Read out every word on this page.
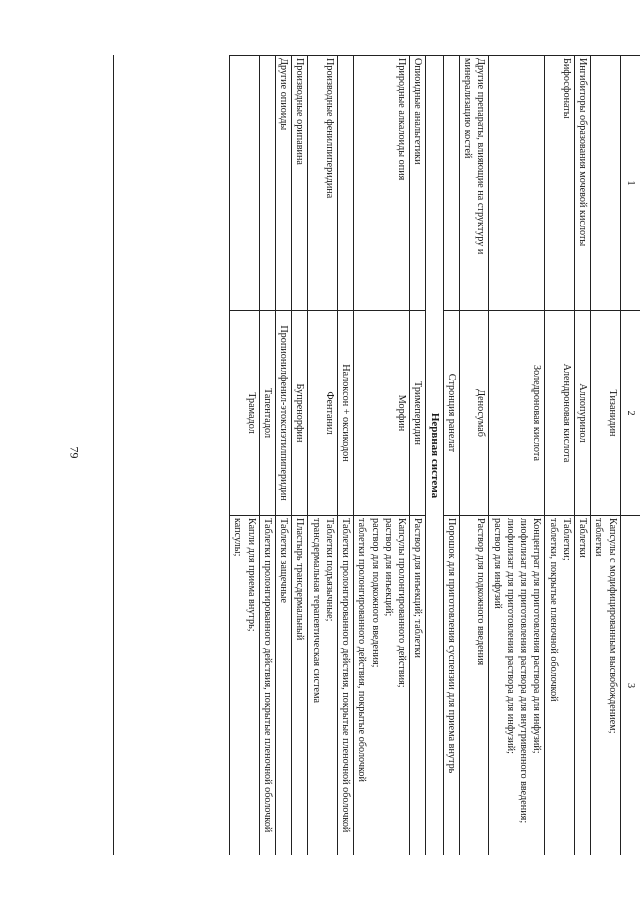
79
1	2	3
	Тизанидин	Капсулы с модифицированным высвобождением;
таблетки

Ингибиторы образования мочевой кислоты	Аллопуринол	Таблетки

Бифосфонаты	Алендроновая кислота	Таблетки;
таблетки, покрытые пленочной оболочкой

	Золедроновая кислота	Концентрат для приготовления раствора для инфузий;
лиофилизат для приготовления раствора для внутривенного введения;
лиофилизат для приготовления раствора для инфузий;
раствор для инфузий

Другие препараты, влияющие на структуру и минерализацию костей	Деносумаб	Раствор для подкожного введения

	Стронция ранелат	Порошок для приготовления суспензии для приема внутрь

Нервная система		
Опиоидные анальгетики	Тримеперидин	Раствор для инъекций; таблетки

Природные алкалоиды опия	Морфин	Капсулы пролонгированного действия;
раствор для инъекций;
раствор для подкожного введения;
таблетки пролонгированного действия, покрытые оболочкой

	Налоксон + оксикодон	Таблетки пролонгированного действия, покрытые пленочной оболочкой

Производные фенилпиперидина	Фентанил	Таблетки подъязычные;
трансдермальная терапевтическая система

Производные орипавина	Бупренорфин	Пластырь трансдермальный

Другие опиоиды	Пропионилфенил-этоксиэтилпиперидин	Таблетки защечные

	Тапентадол	Таблетки пролонгированного действия, покрытые пленочной оболочкой

	Трамадол	Капли для приема внутрь;
капсулы;
